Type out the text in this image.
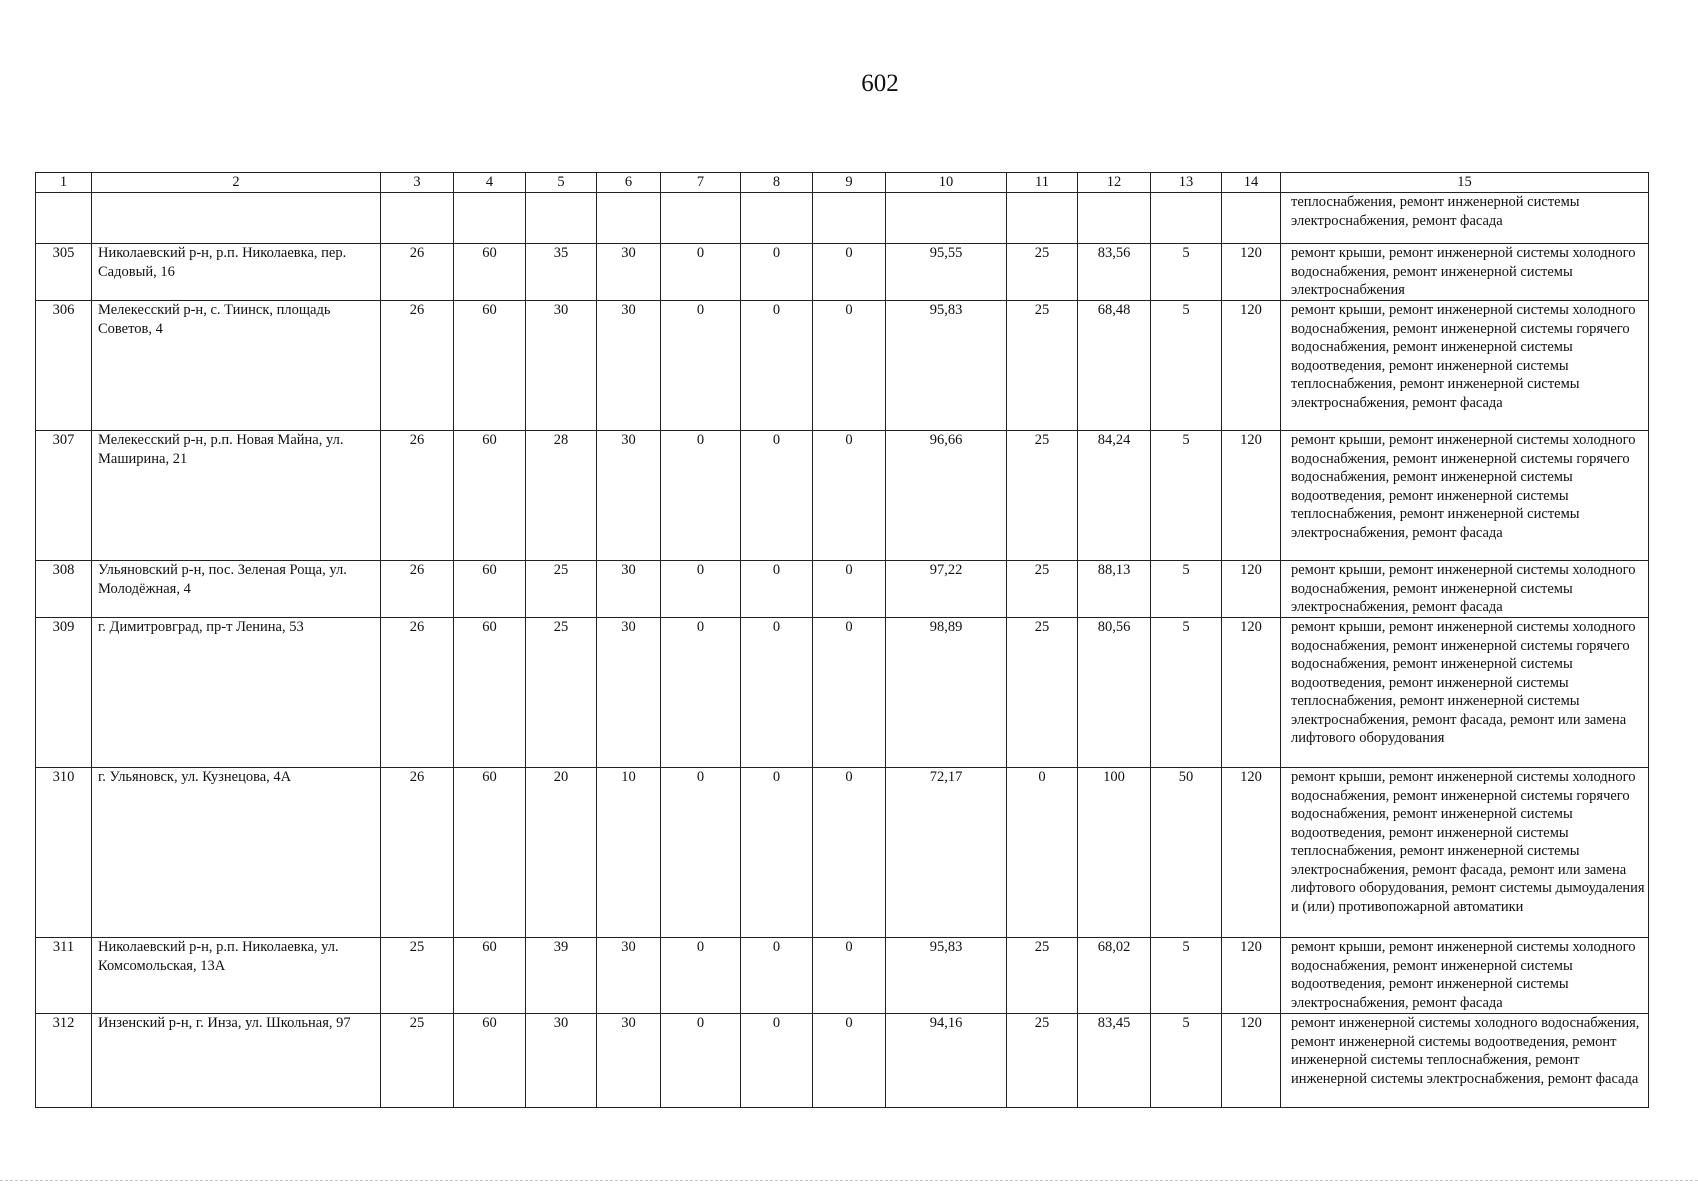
602
1	2	3	4	5	6	7	8	9	10	11	12	13	14	15
														теплоснабжения, ремонт инженерной системы электроснабжения, ремонт фасада
305	Николаевский р-н, р.п. Николаевка, пер. Садовый, 16	26	60	35	30	0	0	0	95,55	25	83,56	5	120	ремонт крыши, ремонт инженерной системы холодного водоснабжения, ремонт инженерной системы электроснабжения
306	Мелекесский р-н, с. Тиинск, площадь Советов, 4	26	60	30	30	0	0	0	95,83	25	68,48	5	120	ремонт крыши, ремонт инженерной системы холодного водоснабжения, ремонт инженерной системы горячего водоснабжения, ремонт инженерной системы водоотведения, ремонт инженерной системы теплоснабжения, ремонт инженерной системы электроснабжения, ремонт фасада
307	Мелекесский р-н, р.п. Новая Майна, ул. Маширина, 21	26	60	28	30	0	0	0	96,66	25	84,24	5	120	ремонт крыши, ремонт инженерной системы холодного водоснабжения, ремонт инженерной системы горячего водоснабжения, ремонт инженерной системы водоотведения, ремонт инженерной системы теплоснабжения, ремонт инженерной системы электроснабжения, ремонт фасада
308	Ульяновский р-н, пос. Зеленая Роща, ул. Молодёжная, 4	26	60	25	30	0	0	0	97,22	25	88,13	5	120	ремонт крыши, ремонт инженерной системы холодного водоснабжения, ремонт инженерной системы электроснабжения, ремонт фасада
309	г. Димитровград, пр-т Ленина, 53	26	60	25	30	0	0	0	98,89	25	80,56	5	120	ремонт крыши, ремонт инженерной системы холодного водоснабжения, ремонт инженерной системы горячего водоснабжения, ремонт инженерной системы водоотведения, ремонт инженерной системы теплоснабжения, ремонт инженерной системы электроснабжения, ремонт фасада, ремонт или замена лифтового оборудования
310	г. Ульяновск, ул. Кузнецова, 4А	26	60	20	10	0	0	0	72,17	0	100	50	120	ремонт крыши, ремонт инженерной системы холодного водоснабжения, ремонт инженерной системы горячего водоснабжения, ремонт инженерной системы водоотведения, ремонт инженерной системы теплоснабжения, ремонт инженерной системы электроснабжения, ремонт фасада, ремонт или замена лифтового оборудования, ремонт системы дымоудаления и (или) противопожарной автоматики
311	Николаевский р-н, р.п. Николаевка, ул. Комсомольская, 13А	25	60	39	30	0	0	0	95,83	25	68,02	5	120	ремонт крыши, ремонт инженерной системы холодного водоснабжения, ремонт инженерной системы водоотведения, ремонт инженерной системы электроснабжения, ремонт фасада
312	Инзенский р-н, г. Инза, ул. Школьная, 97	25	60	30	30	0	0	0	94,16	25	83,45	5	120	ремонт инженерной системы холодного водоснабжения, ремонт инженерной системы водоотведения, ремонт инженерной системы теплоснабжения, ремонт инженерной системы электроснабжения, ремонт фасада
